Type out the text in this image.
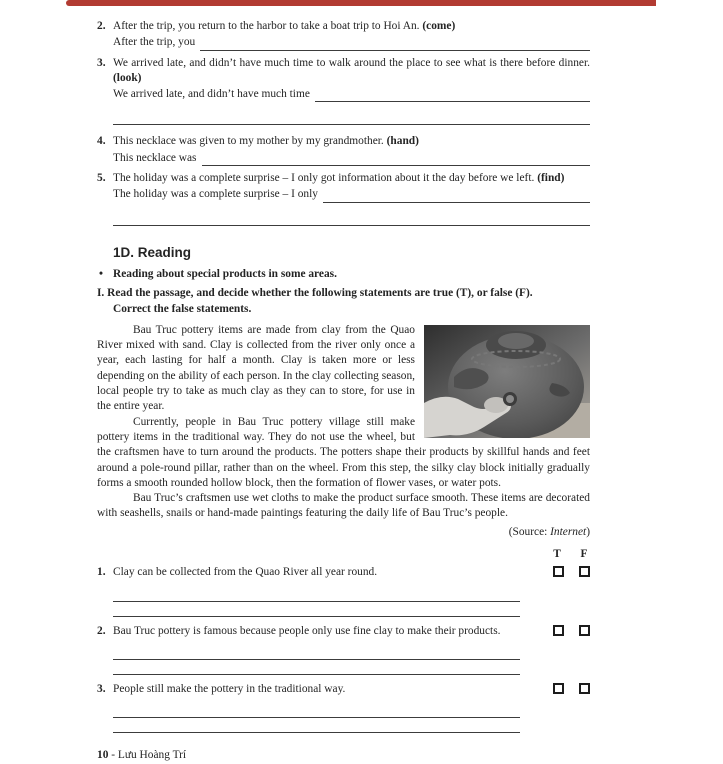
2. After the trip, you return to the harbor to take a boat trip to Hoi An. (come)
After the trip, you
3. We arrived late, and didn’t have much time to walk around the place to see what is there before dinner. (look)
We arrived late, and didn’t have much time
4. This necklace was given to my mother by my grandmother. (hand)
This necklace was
5. The holiday was a complete surprise – I only got information about it the day before we left. (find)
The holiday was a complete surprise – I only
1D. Reading
• Reading about special products in some areas.
I. Read the passage, and decide whether the following statements are true (T), or false (F).
Correct the false statements.

Bau Truc pottery items are made from clay from the Quao River mixed with sand. Clay is collected from the river only once a year, each lasting for half a month. Clay is taken more or less depending on the ability of each person. In the clay collecting season, local people try to take as much clay as they can to store, for use in the entire year.

Currently, people in Bau Truc pottery village still make pottery items in the traditional way. They do not use the wheel, but the craftsmen have to turn around the products. The potters shape their products by skillful hands and feet around a pole-round pillar, rather than on the wheel. From this step, the silky clay block initially gradually forms a smooth rounded hollow block, then the formation of flower vases, or water pots.

Bau Truc’s craftsmen use wet cloths to make the product surface smooth. These items are decorated with seashells, snails or hand-made paintings featuring the daily life of Bau Truc’s people.

(Source: Internet)
T F
1. Clay can be collected from the Quao River all year round.
2. Bau Truc pottery is famous because people only use fine clay to make their products.
3. People still make the pottery in the traditional way.
10 - Lưu Hoàng Trí
